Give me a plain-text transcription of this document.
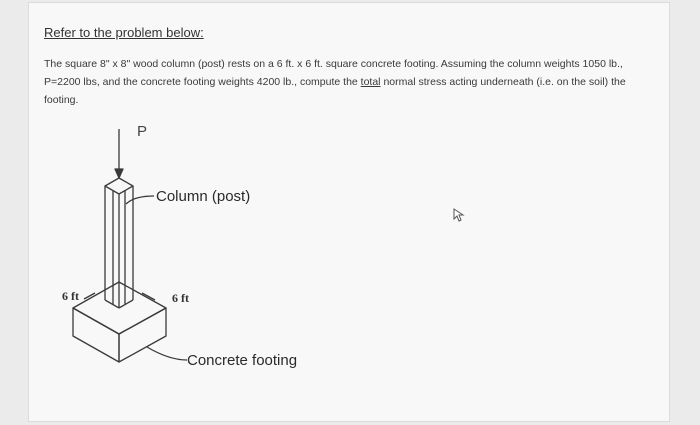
Refer to the problem below:
The square 8" x 8" wood column (post) rests on a 6 ft. x 6 ft. square concrete footing. Assuming the column weights 1050 lb., P=2200 lbs, and the concrete footing weights 4200 lb., compute the total normal stress acting underneath (i.e. on the soil) the footing.
P
Column (post)
6 ft	6 ft
Concrete footing
